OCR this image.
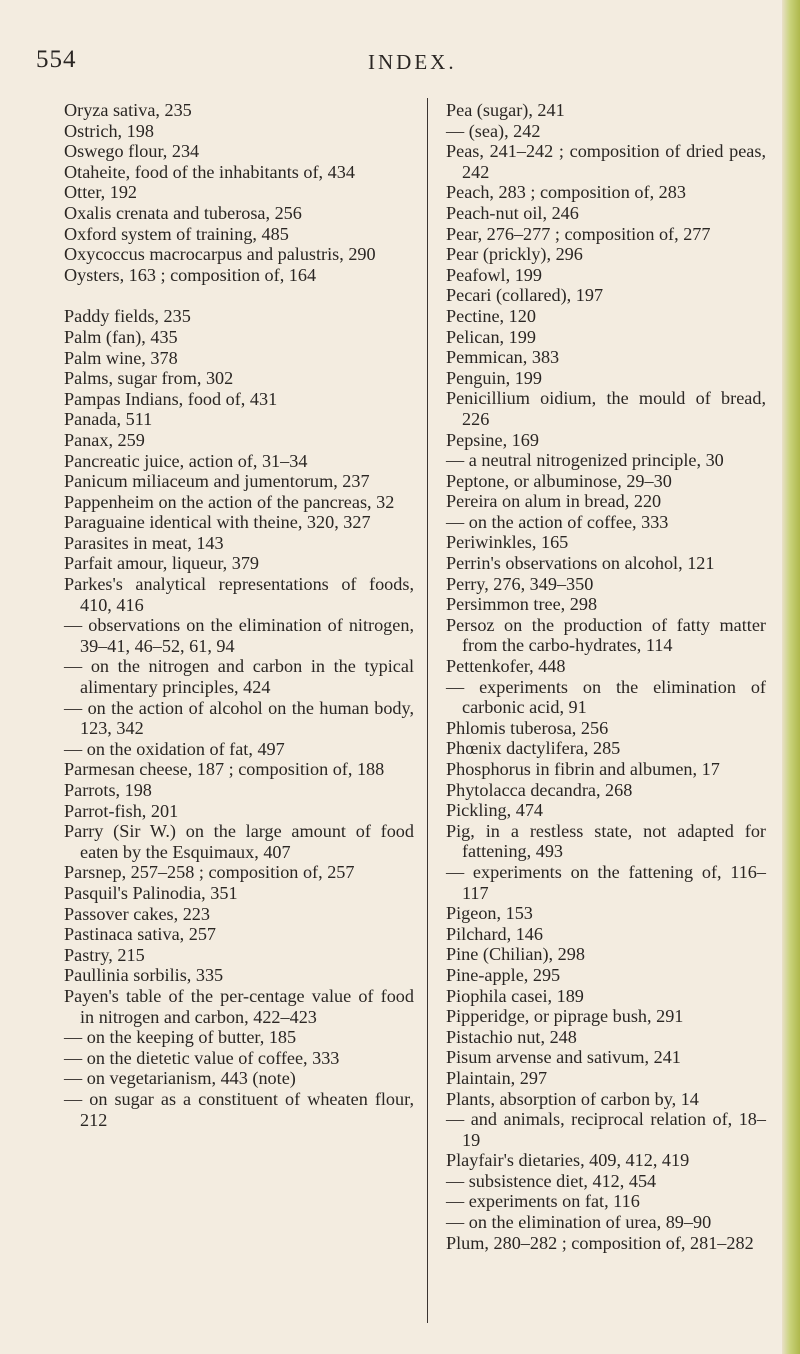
554	INDEX.
Oryza sativa, 235
Ostrich, 198
Oswego flour, 234
Otaheite, food of the inhabitants of, 434
Otter, 192
Oxalis crenata and tuberosa, 256
Oxford system of training, 485
Oxycoccus macrocarpus and palustris, 290
Oysters, 163 ; composition of, 164
Paddy fields, 235
Palm (fan), 435
Palm wine, 378
Palms, sugar from, 302
Pampas Indians, food of, 431
Panada, 511
Panax, 259
Pancreatic juice, action of, 31–34
Panicum miliaceum and jumentorum, 237
Pappenheim on the action of the pancreas, 32
Paraguaine identical with theine, 320, 327
Parasites in meat, 143
Parfait amour, liqueur, 379
Parkes's analytical representations of foods, 410, 416
— observations on the elimination of nitrogen, 39–41, 46–52, 61, 94
— on the nitrogen and carbon in the typical alimentary principles, 424
— on the action of alcohol on the human body, 123, 342
— on the oxidation of fat, 497
Parmesan cheese, 187 ; composition of, 188
Parrots, 198
Parrot-fish, 201
Parry (Sir W.) on the large amount of food eaten by the Esquimaux, 407
Parsnep, 257–258 ; composition of, 257
Pasquil's Palinodia, 351
Passover cakes, 223
Pastinaca sativa, 257
Pastry, 215
Paullinia sorbilis, 335
Payen's table of the per-centage value of food in nitrogen and carbon, 422–423
— on the keeping of butter, 185
— on the dietetic value of coffee, 333
— on vegetarianism, 443 (note)
— on sugar as a constituent of wheaten flour, 212
Pea (sugar), 241
— (sea), 242
Peas, 241–242 ; composition of dried peas, 242
Peach, 283 ; composition of, 283
Peach-nut oil, 246
Pear, 276–277 ; composition of, 277
Pear (prickly), 296
Peafowl, 199
Pecari (collared), 197
Pectine, 120
Pelican, 199
Pemmican, 383
Penguin, 199
Penicillium oidium, the mould of bread, 226
Pepsine, 169
— a neutral nitrogenized principle, 30
Peptone, or albuminose, 29–30
Pereira on alum in bread, 220
— on the action of coffee, 333
Periwinkles, 165
Perrin's observations on alcohol, 121
Perry, 276, 349–350
Persimmon tree, 298
Persoz on the production of fatty matter from the carbo-hydrates, 114
Pettenkofer, 448
— experiments on the elimination of carbonic acid, 91
Phlomis tuberosa, 256
Phœnix dactylifera, 285
Phosphorus in fibrin and albumen, 17
Phytolacca decandra, 268
Pickling, 474
Pig, in a restless state, not adapted for fattening, 493
— experiments on the fattening of, 116–117
Pigeon, 153
Pilchard, 146
Pine (Chilian), 298
Pine-apple, 295
Piophila casei, 189
Pipperidge, or piprage bush, 291
Pistachio nut, 248
Pisum arvense and sativum, 241
Plaintain, 297
Plants, absorption of carbon by, 14
— and animals, reciprocal relation of, 18–19
Playfair's dietaries, 409, 412, 419
— subsistence diet, 412, 454
— experiments on fat, 116
— on the elimination of urea, 89–90
Plum, 280–282 ; composition of, 281–282
